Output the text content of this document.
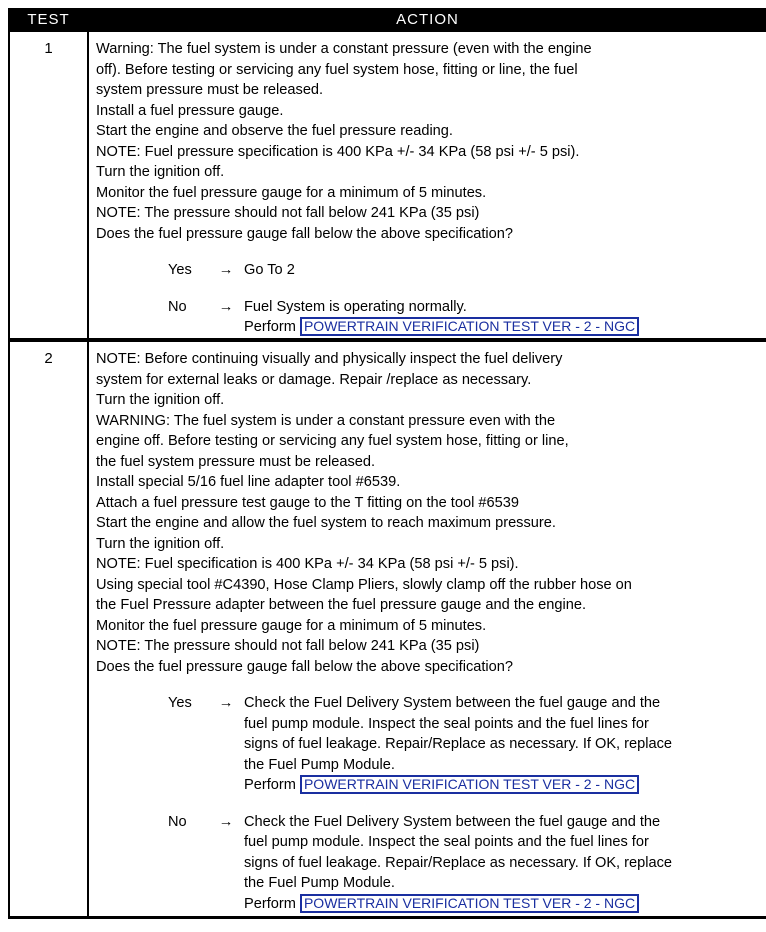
TEST	ACTION
1	Warning: The fuel system is under a constant pressure (even with the engine
off). Before testing or servicing any fuel system hose, fitting or line, the fuel
system pressure must be released.
Install a fuel pressure gauge.
Start the engine and observe the fuel pressure reading.
NOTE: Fuel pressure specification is 400 KPa +/- 34 KPa (58 psi +/- 5 psi).
Turn the ignition off.
Monitor the fuel pressure gauge for a minimum of 5 minutes.
NOTE: The pressure should not fall below 241 KPa (35 psi)
Does the fuel pressure gauge fall below the above specification?
Yes	→ Go To 2
No	→ Fuel System is operating normally.
Perform POWERTRAIN VERIFICATION TEST VER - 2 - NGC
2	NOTE: Before continuing visually and physically inspect the fuel delivery
system for external leaks or damage. Repair /replace as necessary.
Turn the ignition off.
WARNING: The fuel system is under a constant pressure even with the
engine off. Before testing or servicing any fuel system hose, fitting or line,
the fuel system pressure must be released.
Install special 5/16 fuel line adapter tool #6539.
Attach a fuel pressure test gauge to the T fitting on the tool #6539
Start the engine and allow the fuel system to reach maximum pressure.
Turn the ignition off.
NOTE: Fuel specification is 400 KPa +/- 34 KPa (58 psi +/- 5 psi).
Using special tool #C4390, Hose Clamp Pliers, slowly clamp off the rubber hose on
the Fuel Pressure adapter between the fuel pressure gauge and the engine.
Monitor the fuel pressure gauge for a minimum of 5 minutes.
NOTE: The pressure should not fall below 241 KPa (35 psi)
Does the fuel pressure gauge fall below the above specification?
Yes	→ Check the Fuel Delivery System between the fuel gauge and the
fuel pump module. Inspect the seal points and the fuel lines for
signs of fuel leakage. Repair/Replace as necessary. If OK, replace
the Fuel Pump Module.
Perform POWERTRAIN VERIFICATION TEST VER - 2 - NGC
No	→ Check the Fuel Delivery System between the fuel gauge and the
fuel pump module. Inspect the seal points and the fuel lines for
signs of fuel leakage. Repair/Replace as necessary. If OK, replace
the Fuel Pump Module.
Perform POWERTRAIN VERIFICATION TEST VER - 2 - NGC
